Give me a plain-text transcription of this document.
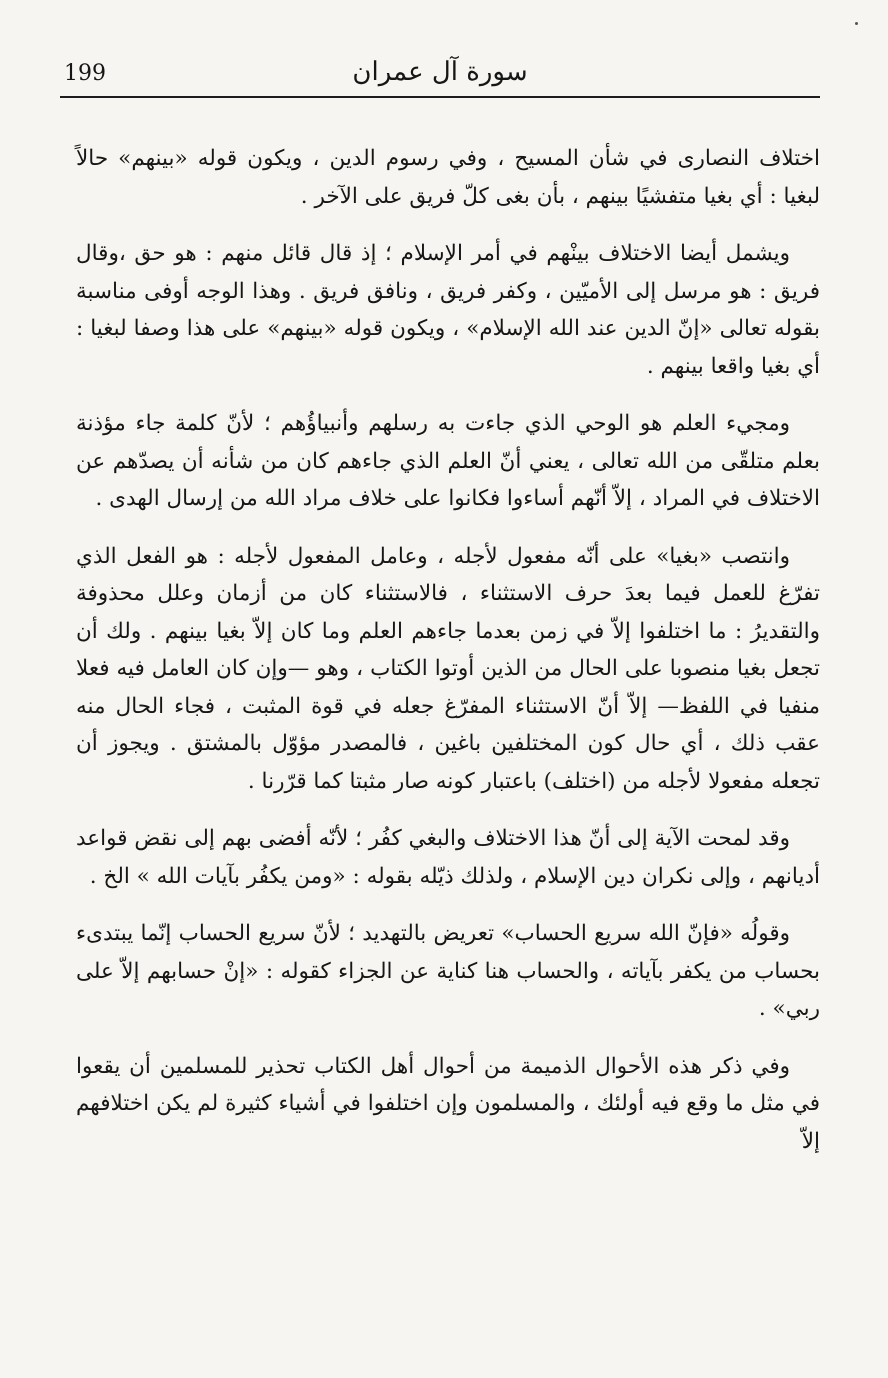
199	سورة آل عمران

اختلاف النصارى في شأن المسيح ، وفي رسوم الدين ، ويكون قوله «بينهم» حالاً لبغيا : أي بغيا متفشيًا بينهم ، بأن بغى كلّ فريق على الآخر .

ويشمل أيضا الاختلاف بينْهم في أمر الإسلام ؛ إذ قال قائل منهم : هو حق ،وقال فريق : هو مرسل إلى الأميّين ، وكفر فريق ، ونافق فريق . وهذا الوجه أوفى مناسبة بقوله تعالى «إنّ الدين عند الله الإسلام» ، ويكون قوله «بينهم» على هذا وصفا لبغيا : أي بغيا واقعا بينهم .

ومجيء العلم هو الوحي الذي جاءت به رسلهم وأنبياؤُهم ؛ لأنّ كلمة جاء مؤذنة بعلم متلقّى من الله تعالى ، يعني أنّ العلم الذي جاءهم كان من شأنه أن يصدّهم عن الاختلاف في المراد ، إلاّ أنّهم أساءوا فكانوا على خلاف مراد الله من إرسال الهدى .

وانتصب «بغيا» على أنّه مفعول لأجله ، وعامل المفعول لأجله : هو الفعل الذي تفرّغ للعمل فيما بعدَ حرف الاستثناء ، فالاستثناء كان من أزمان وعلل محذوفة والتقديرُ : ما اختلفوا إلاّ في زمن بعدما جاءهم العلم وما كان إلاّ بغيا بينهم . ولك أن تجعل بغيا منصوبا على الحال من الذين أوتوا الكتاب ، وهو —وإن كان العامل فيه فعلا منفيا في اللفظ— إلاّ أنّ الاستثناء المفرّغ جعله في قوة المثبت ، فجاء الحال منه عقب ذلك ، أي حال كون المختلفين باغين ، فالمصدر مؤوّل بالمشتق . ويجوز أن تجعله مفعولا لأجله من (اختلف) باعتبار كونه صار مثبتا كما قرّرنا .

وقد لمحت الآية إلى أنّ هذا الاختلاف والبغي كفُر ؛ لأنّه أفضى بهم إلى نقض قواعد أديانهم ، وإلى نكران دين الإسلام ، ولذلك ذيّله بقوله : «ومن يكفُر بآيات الله » الخ .

وقولُه «فإنّ الله سريع الحساب» تعريض بالتهديد ؛ لأنّ سريع الحساب إنّما يبتدىء بحساب من يكفر بآياته ، والحساب هنا كناية عن الجزاء كقوله : «إنْ حسابهم إلاّ على ربي» .

وفي ذكر هذه الأحوال الذميمة من أحوال أهل الكتاب تحذير للمسلمين أن يقعوا في مثل ما وقع فيه أولئك ، والمسلمون وإن اختلفوا في أشياء كثيرة لم يكن اختلافهم إلاّ
